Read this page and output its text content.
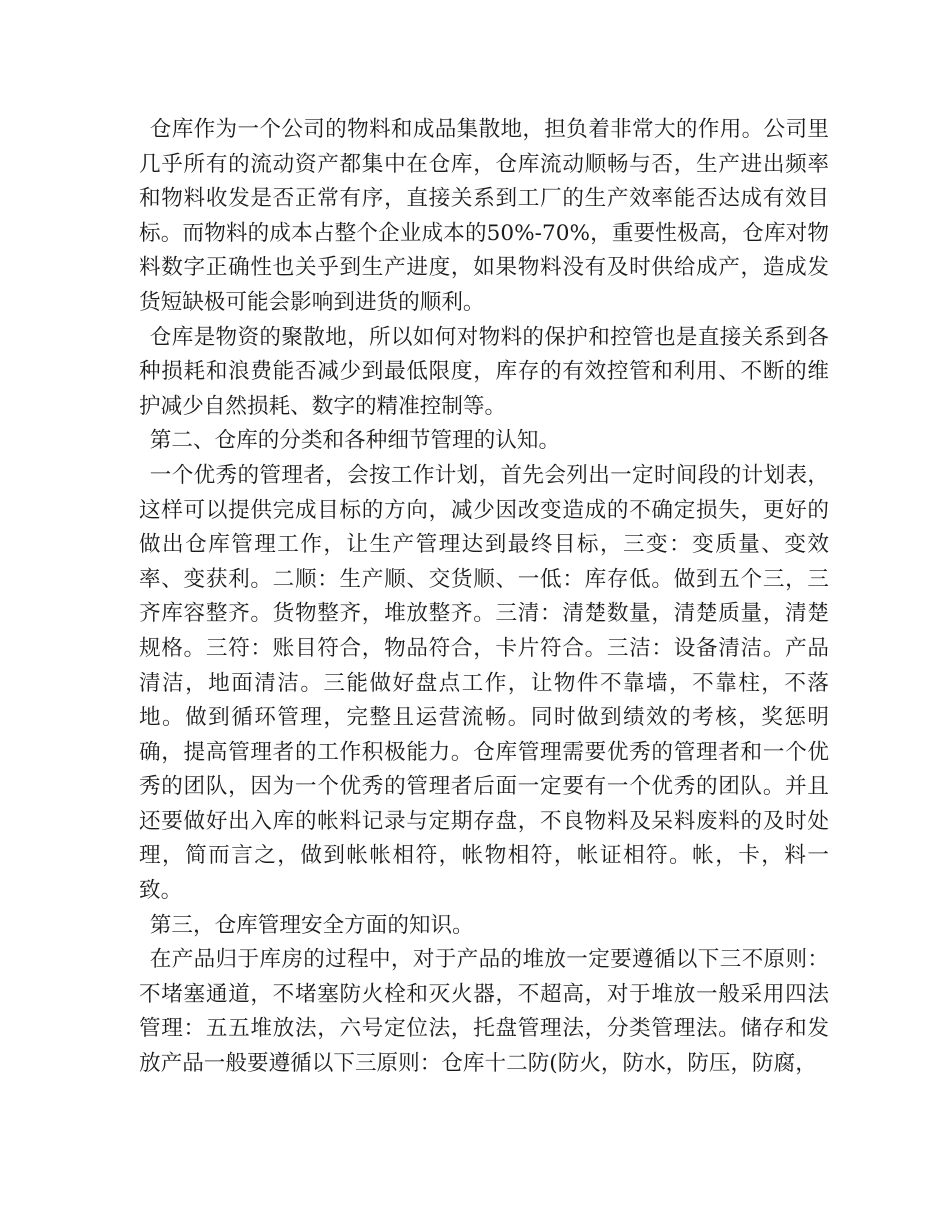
仓库作为一个公司的物料和成品集散地，担负着非常大的作用。公司里几乎所有的流动资产都集中在仓库，仓库流动顺畅与否，生产进出频率和物料收发是否正常有序，直接关系到工厂的生产效率能否达成有效目标。而物料的成本占整个企业成本的50%-70%，重要性极高，仓库对物料数字正确性也关乎到生产进度，如果物料没有及时供给成产，造成发货短缺极可能会影响到进货的顺利。

仓库是物资的聚散地，所以如何对物料的保护和控管也是直接关系到各种损耗和浪费能否减少到最低限度，库存的有效控管和利用、不断的维护减少自然损耗、数字的精准控制等。

第二、仓库的分类和各种细节管理的认知。

一个优秀的管理者，会按工作计划，首先会列出一定时间段的计划表，这样可以提供完成目标的方向，减少因改变造成的不确定损失，更好的做出仓库管理工作，让生产管理达到最终目标，三变：变质量、变效率、变获利。二顺：生产顺、交货顺、一低：库存低。做到五个三，三齐库容整齐。货物整齐，堆放整齐。三清：清楚数量，清楚质量，清楚规格。三符：账目符合，物品符合，卡片符合。三洁：设备清洁。产品清洁，地面清洁。三能做好盘点工作，让物件不靠墙，不靠柱，不落地。做到循环管理，完整且运营流畅。同时做到绩效的考核，奖惩明确，提高管理者的工作积极能力。仓库管理需要优秀的管理者和一个优秀的团队，因为一个优秀的管理者后面一定要有一个优秀的团队。并且还要做好出入库的帐料记录与定期存盘，不良物料及呆料废料的及时处理，简而言之，做到帐帐相符，帐物相符，帐证相符。帐，卡，料一致。

第三，仓库管理安全方面的知识。

在产品归于库房的过程中，对于产品的堆放一定要遵循以下三不原则：不堵塞通道，不堵塞防火栓和灭火器，不超高，对于堆放一般采用四法管理：五五堆放法，六号定位法，托盘管理法，分类管理法。储存和发放产品一般要遵循以下三原则：仓库十二防(防火，防水，防压，防腐，
